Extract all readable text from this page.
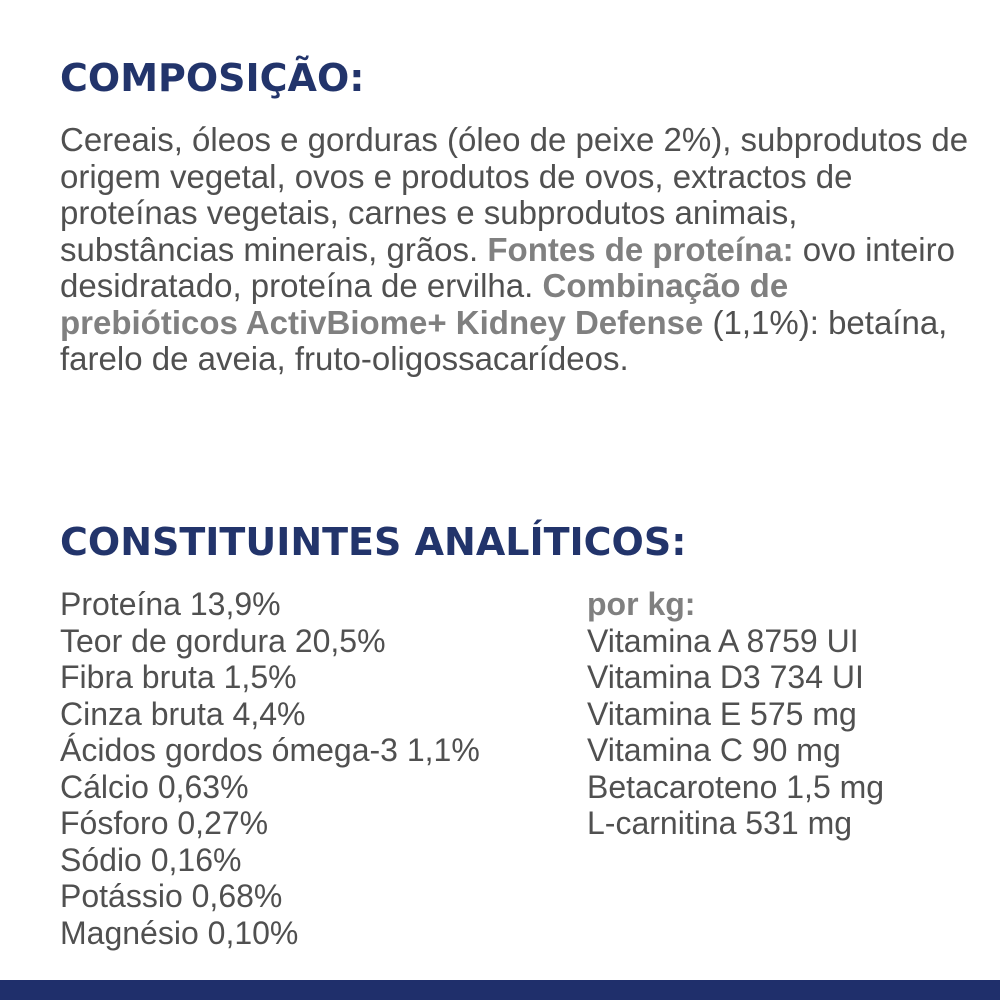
COMPOSIÇÃO:

Cereais, óleos e gorduras (óleo de peixe 2%), subprodutos de origem vegetal, ovos e produtos de ovos, extractos de proteínas vegetais, carnes e subprodutos animais, substâncias minerais, grãos. Fontes de proteína: ovo inteiro desidratado, proteína de ervilha. Combinação de prebióticos ActivBiome+ Kidney Defense (1,1%): betaína, farelo de aveia, fruto-oligossacarídeos.

CONSTITUINTES ANALÍTICOS:
Proteína 13,9%
Teor de gordura 20,5%
Fibra bruta 1,5%
Cinza bruta 4,4%
Ácidos gordos ómega-3 1,1%
Cálcio 0,63%
Fósforo 0,27%
Sódio 0,16%
Potássio 0,68%
Magnésio 0,10%
por kg:
Vitamina A 8759 UI
Vitamina D3 734 UI
Vitamina E 575 mg
Vitamina C 90 mg
Betacaroteno 1,5 mg
L-carnitina 531 mg
